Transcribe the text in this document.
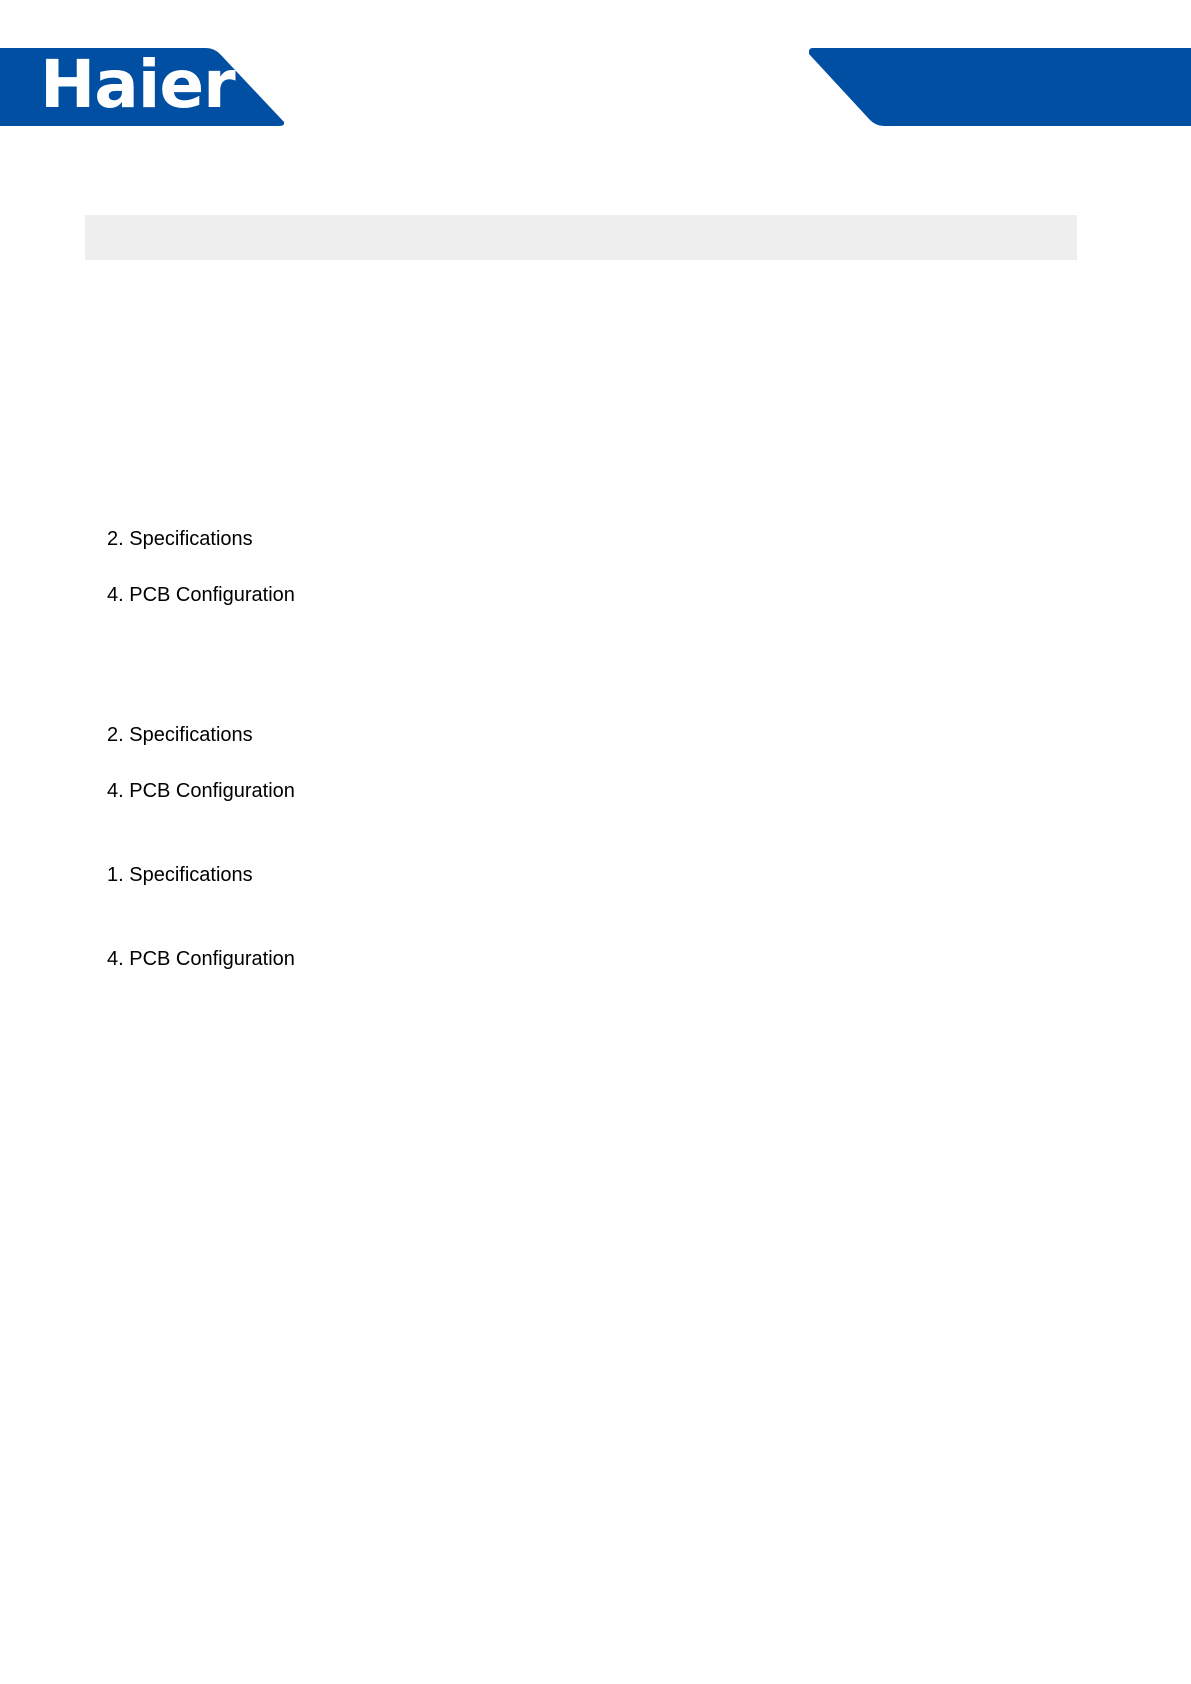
Haier
2. Specifications
4. PCB Configuration
2. Specifications
4. PCB Configuration
1. Specifications
4. PCB Configuration
